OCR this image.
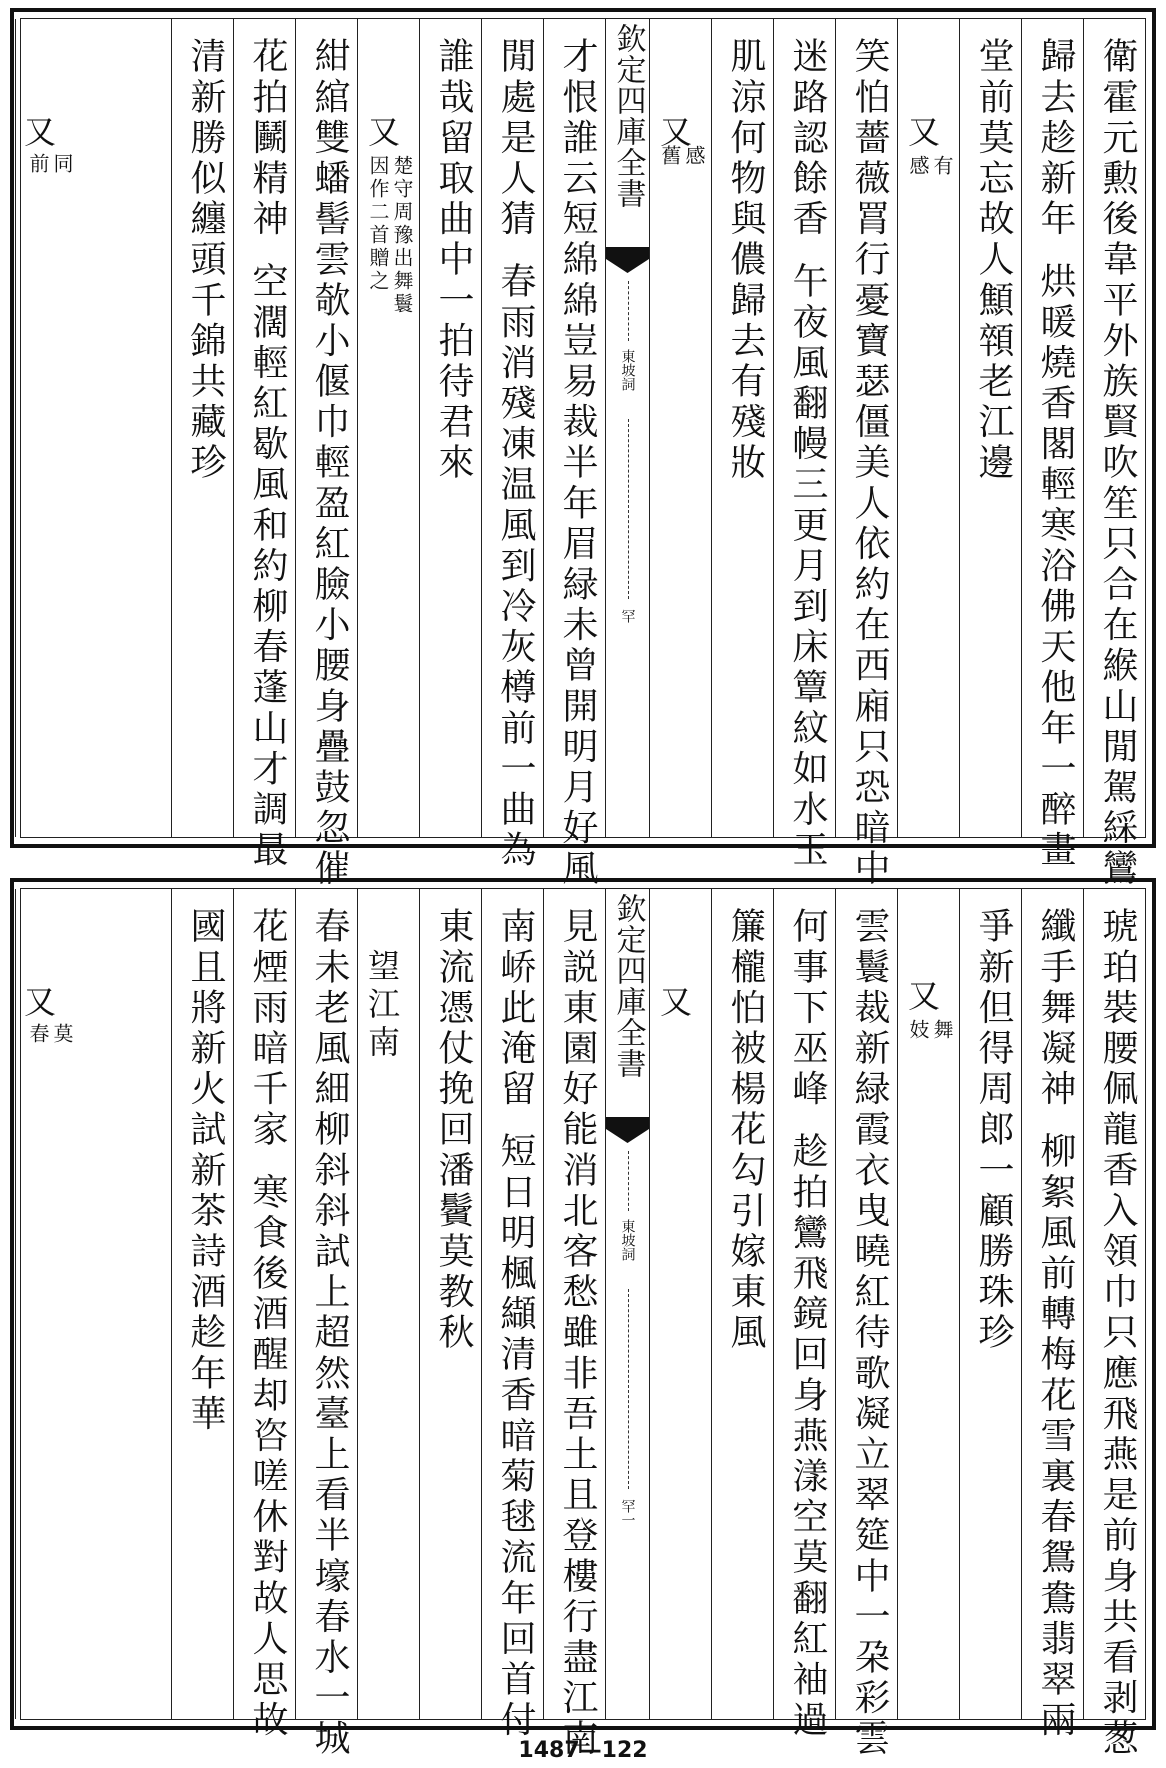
衛霍元勲後韋平外族賢吹笙只合在緱山閒駕綵鸞
歸去趁新年烘暖燒香閣輕寒浴佛天他年一醉畫
堂前莫忘故人顦顇老江邊
又
有
感
笑怕薔薇罥行憂寶瑟僵美人依約在西廂只恐暗中
迷路認餘香午夜風翻幔三更月到床簟紋如水玉
肌涼何物與儂歸去有殘妝
又
感
舊
欽定四庫全書
東坡詞
罕
才恨誰云短綿綿豈易裁半年眉緑未曾開明月好風
閒處是人猜春雨消殘凍温風到冷灰樽前一曲為
誰哉留取曲中一拍待君來
又
楚守周豫出舞鬟
因作二首贈之
紺綰雙蟠髻雲欹小偃巾輕盈紅臉小腰身疊鼓忽催
花拍鬭精神空濶輕紅歇風和約柳春蓬山才調最
清新勝似纏頭千錦共藏珍
又
同
前
琥珀裝腰佩龍香入領巾只應飛燕是前身共看剥葱
纖手舞凝神柳絮風前轉梅花雪裏春鴛鴦翡翠兩
爭新但得周郎一顧勝珠珍
又
舞
妓
雲鬟裁新緑霞衣曳曉紅待歌凝立翠筵中一朶彩雲
何事下巫峰趁拍鸞飛鏡回身燕漾空莫翻紅袖過
簾櫳怕被楊花勾引嫁東風
又
欽定四庫全書
東坡詞
罕一
見説東園好能消北客愁雖非吾土且登樓行盡江南
南峤此淹留短日明楓纈清香暗菊毬流年回首付
東流憑仗挽回潘鬢莫教秋
望江南
春未老風細柳斜斜試上超然臺上看半壕春水一城
花煙雨暗千家寒食後酒醒却咨嗟休對故人思故
國且將新火試新茶詩酒趁年華
又
莫
春
1487—122
